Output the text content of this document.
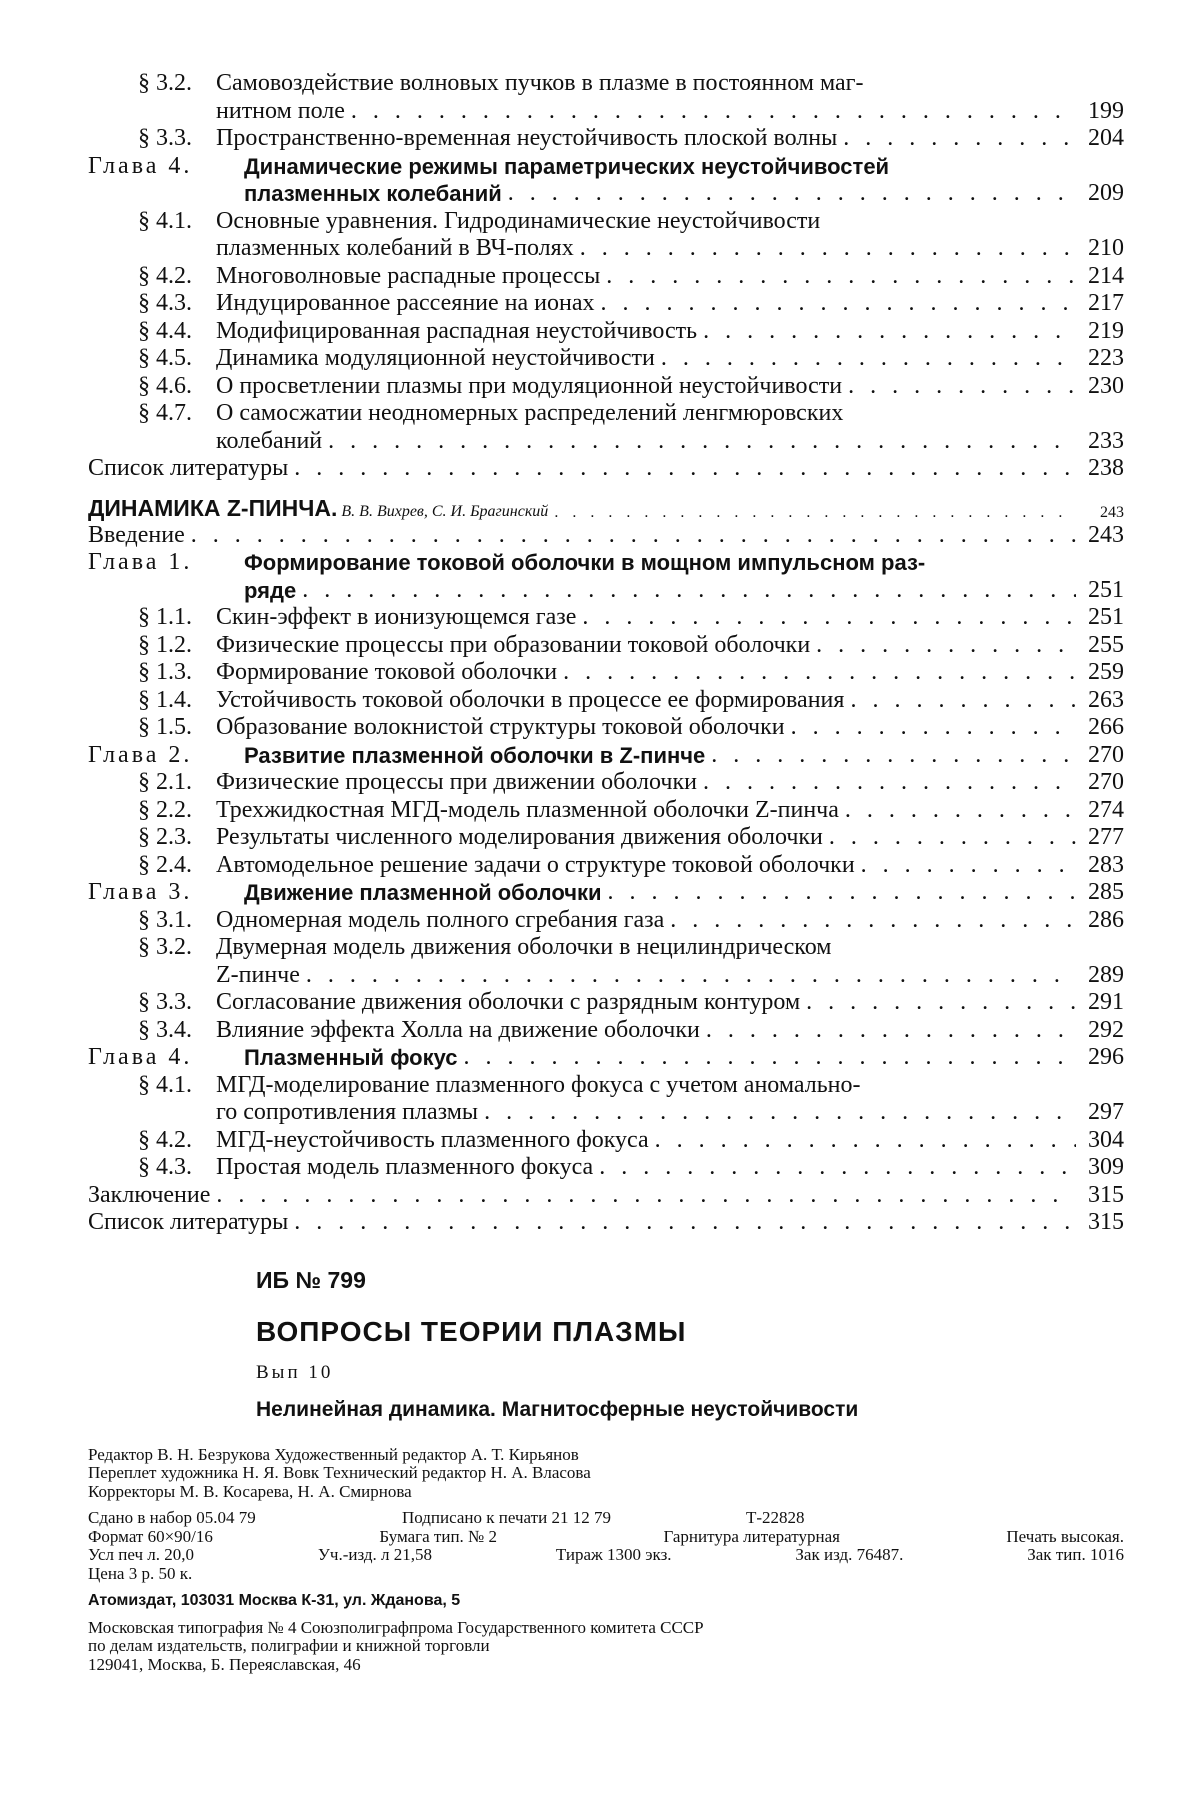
§ 3.2.	Самовоздействие волновых пучков в плазме в постоянном маг-
нитном поле . . .	199
§ 3.3.	Пространственно-временная неустойчивость плоской волны . . .	204
Глава 4.	Динамические режимы параметрических неустойчивостей
плазменных колебаний . . .	209
§ 4.1.	Основные уравнения. Гидродинамические неустойчивости
плазменных колебаний в ВЧ-полях . . .	210
§ 4.2.	Многоволновые распадные процессы . . .	214
§ 4.3.	Индуцированное рассеяние на ионах . . .	217
§ 4.4.	Модифицированная распадная неустойчивость . . .	219
§ 4.5.	Динамика модуляционной неустойчивости . . .	223
§ 4.6.	О просветлении плазмы при модуляционной неустойчивости . . .	230
§ 4.7.	О самосжатии неодномерных распределений ленгмюровских
колебаний . . .	233
Список литературы . . .	238
ДИНАМИКА Z-ПИНЧА. В. В. Вихрев, С. И. Брагинский . . .	243
Введение . . .	243
Глава 1.	Формирование токовой оболочки в мощном импульсном раз-
ряде . . .	251
§ 1.1.	Скин-эффект в ионизующемся газе . . .	251
§ 1.2.	Физические процессы при образовании токовой оболочки . . .	255
§ 1.3.	Формирование токовой оболочки . . .	259
§ 1.4.	Устойчивость токовой оболочки в процессе ее формирования . . .	263
§ 1.5.	Образование волокнистой структуры токовой оболочки . . .	266
Глава 2.	Развитие плазменной оболочки в Z-пинче . . .	270
§ 2.1.	Физические процессы при движении оболочки . . .	270
§ 2.2.	Трехжидкостная МГД-модель плазменной оболочки Z-пинча . . .	274
§ 2.3.	Результаты численного моделирования движения оболочки . . .	277
§ 2.4.	Автомодельное решение задачи о структуре токовой оболочки . . .	283
Глава 3.	Движение плазменной оболочки . . .	285
§ 3.1.	Одномерная модель полного сгребания газа . . .	286
§ 3.2.	Двумерная модель движения оболочки в нецилиндрическом
Z-пинче . . .	289
§ 3.3.	Согласование движения оболочки с разрядным контуром . . .	291
§ 3.4.	Влияние эффекта Холла на движение оболочки . . .	292
Глава 4.	Плазменный фокус . . .	296
§ 4.1.	МГД-моделирование плазменного фокуса с учетом аномально-
го сопротивления плазмы . . .	297
§ 4.2.	МГД-неустойчивость плазменного фокуса . . .	304
§ 4.3.	Простая модель плазменного фокуса . . .	309
Заключение . . .	315
Список литературы . . .	315
ИБ № 799
ВОПРОСЫ ТЕОРИИ ПЛАЗМЫ
Вып 10
Нелинейная динамика. Магнитосферные неустойчивости
Редактор В. Н. Безрукова Художественный редактор А. Т. Кирьянов
Переплет художника Н. Я. Вовк Технический редактор Н. А. Власова
Корректоры М. В. Косарева, Н. А. Смирнова
Сдано в набор 05.04 79	Подписано к печати 21 12 79	Т-22828
Формат 60×90/16	Бумага тип. № 2	Гарнитура литературная	Печать высокая.
Усл печ л. 20,0	Уч.-изд. л 21,58	Тираж 1300 экз.	Зак изд. 76487.	Зак тип. 1016
Цена 3 р. 50 к.
Атомиздат, 103031 Москва К-31, ул. Жданова, 5
Московская типография № 4 Союзполиграфпрома Государственного комитета СССР
по делам издательств, полиграфии и книжной торговли
129041, Москва, Б. Переяславская, 46
